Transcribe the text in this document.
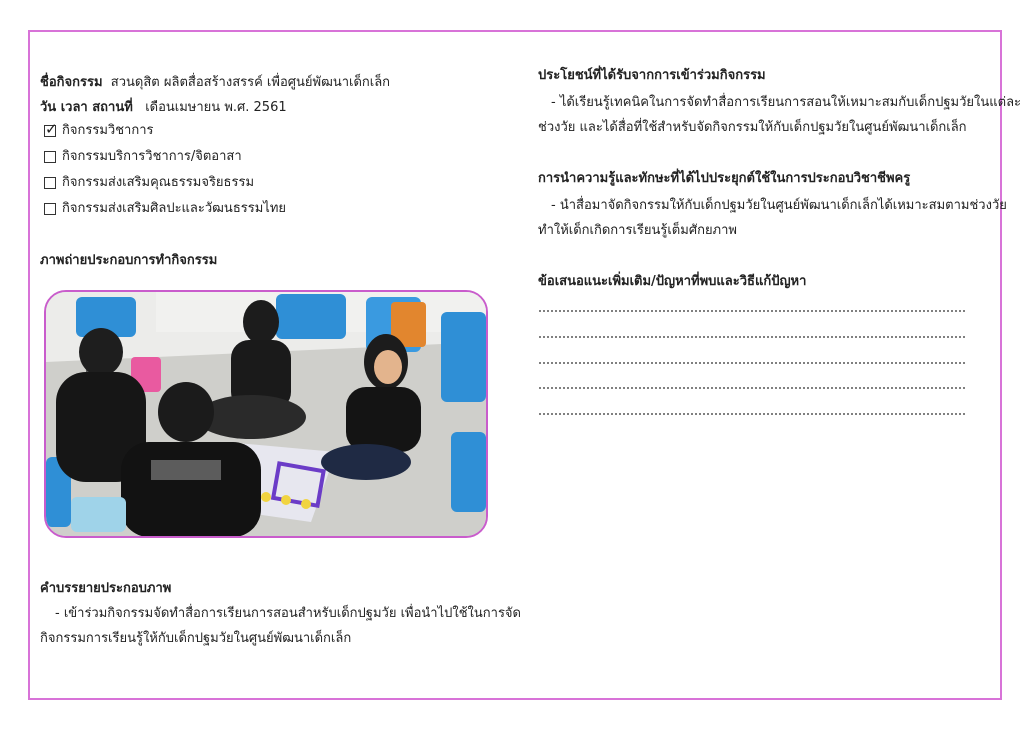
ชื่อกิจกรรม สวนดุสิต ผลิตสื่อสร้างสรรค์ เพื่อศูนย์พัฒนาเด็กเล็ก
วัน เวลา สถานที่ เดือนเมษายน พ.ศ. 2561
✓ กิจกรรมวิชาการ
กิจกรรมบริการวิชาการ/จิตอาสา
กิจกรรมส่งเสริมคุณธรรมจริยธรรม
กิจกรรมส่งเสริมศิลปะและวัฒนธรรมไทย
ภาพถ่ายประกอบการทำกิจกรรม
คำบรรยายประกอบภาพ
- เข้าร่วมกิจกรรมจัดทำสื่อการเรียนการสอนสำหรับเด็กปฐมวัย เพื่อนำไปใช้ในการจัด
กิจกรรมการเรียนรู้ให้กับเด็กปฐมวัยในศูนย์พัฒนาเด็กเล็ก
ประโยชน์ที่ได้รับจากการเข้าร่วมกิจกรรม
- ได้เรียนรู้เทคนิคในการจัดทำสื่อการเรียนการสอนให้เหมาะสมกับเด็กปฐมวัยในแต่ละ
ช่วงวัย และได้สื่อที่ใช้สำหรับจัดกิจกรรมให้กับเด็กปฐมวัยในศูนย์พัฒนาเด็กเล็ก
การนำความรู้และทักษะที่ได้ไปประยุกต์ใช้ในการประกอบวิชาชีพครู
- นำสื่อมาจัดกิจกรรมให้กับเด็กปฐมวัยในศูนย์พัฒนาเด็กเล็กได้เหมาะสมตามช่วงวัย
ทำให้เด็กเกิดการเรียนรู้เต็มศักยภาพ
ข้อเสนอแนะเพิ่มเติม/ปัญหาที่พบและวิธีแก้ปัญหา
